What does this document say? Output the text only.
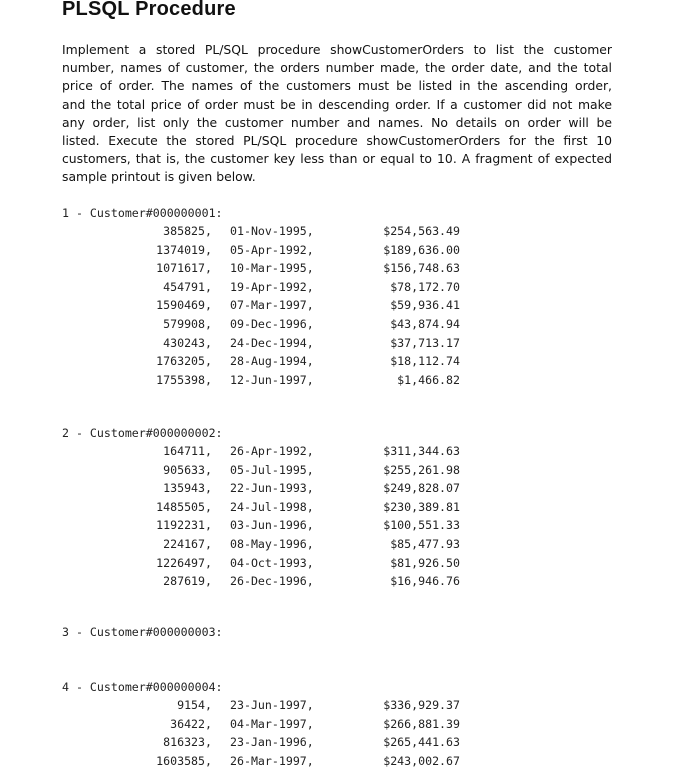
PLSQL Procedure

Implement a stored PL/SQL procedure showCustomerOrders to list the customer
number, names of customer, the orders number made, the order date, and the total
price of order. The names of the customers must be listed in the ascending order,
and the total price of order must be in descending order. If a customer did not make
any order, list only the customer number and names. No details on order will be
listed. Execute the stored PL/SQL procedure showCustomerOrders for the first 10
customers, that is, the customer key less than or equal to 10. A fragment of expected
sample printout is given below.

1 - Customer#000000001:
385825, 01-Nov-1995,	$254,563.49
1374019, 05-Apr-1992,	$189,636.00
1071617, 10-Mar-1995,	$156,748.63
454791, 19-Apr-1992,	$78,172.70
1590469, 07-Mar-1997,	$59,936.41
579908, 09-Dec-1996,	$43,874.94
430243, 24-Dec-1994,	$37,713.17
1763205, 28-Aug-1994,	$18,112.74
1755398, 12-Jun-1997,	$1,466.82
2 - Customer#000000002:
164711, 26-Apr-1992,	$311,344.63
905633, 05-Jul-1995,	$255,261.98
135943, 22-Jun-1993,	$249,828.07
1485505, 24-Jul-1998,	$230,389.81
1192231, 03-Jun-1996,	$100,551.33
224167, 08-May-1996,	$85,477.93
1226497, 04-Oct-1993,	$81,926.50
287619, 26-Dec-1996,	$16,946.76
3 - Customer#000000003:
4 - Customer#000000004:
9154, 23-Jun-1997,	$336,929.37
36422, 04-Mar-1997,	$266,881.39
816323, 23-Jan-1996,	$265,441.63
1603585, 26-Mar-1997,	$243,002.67
